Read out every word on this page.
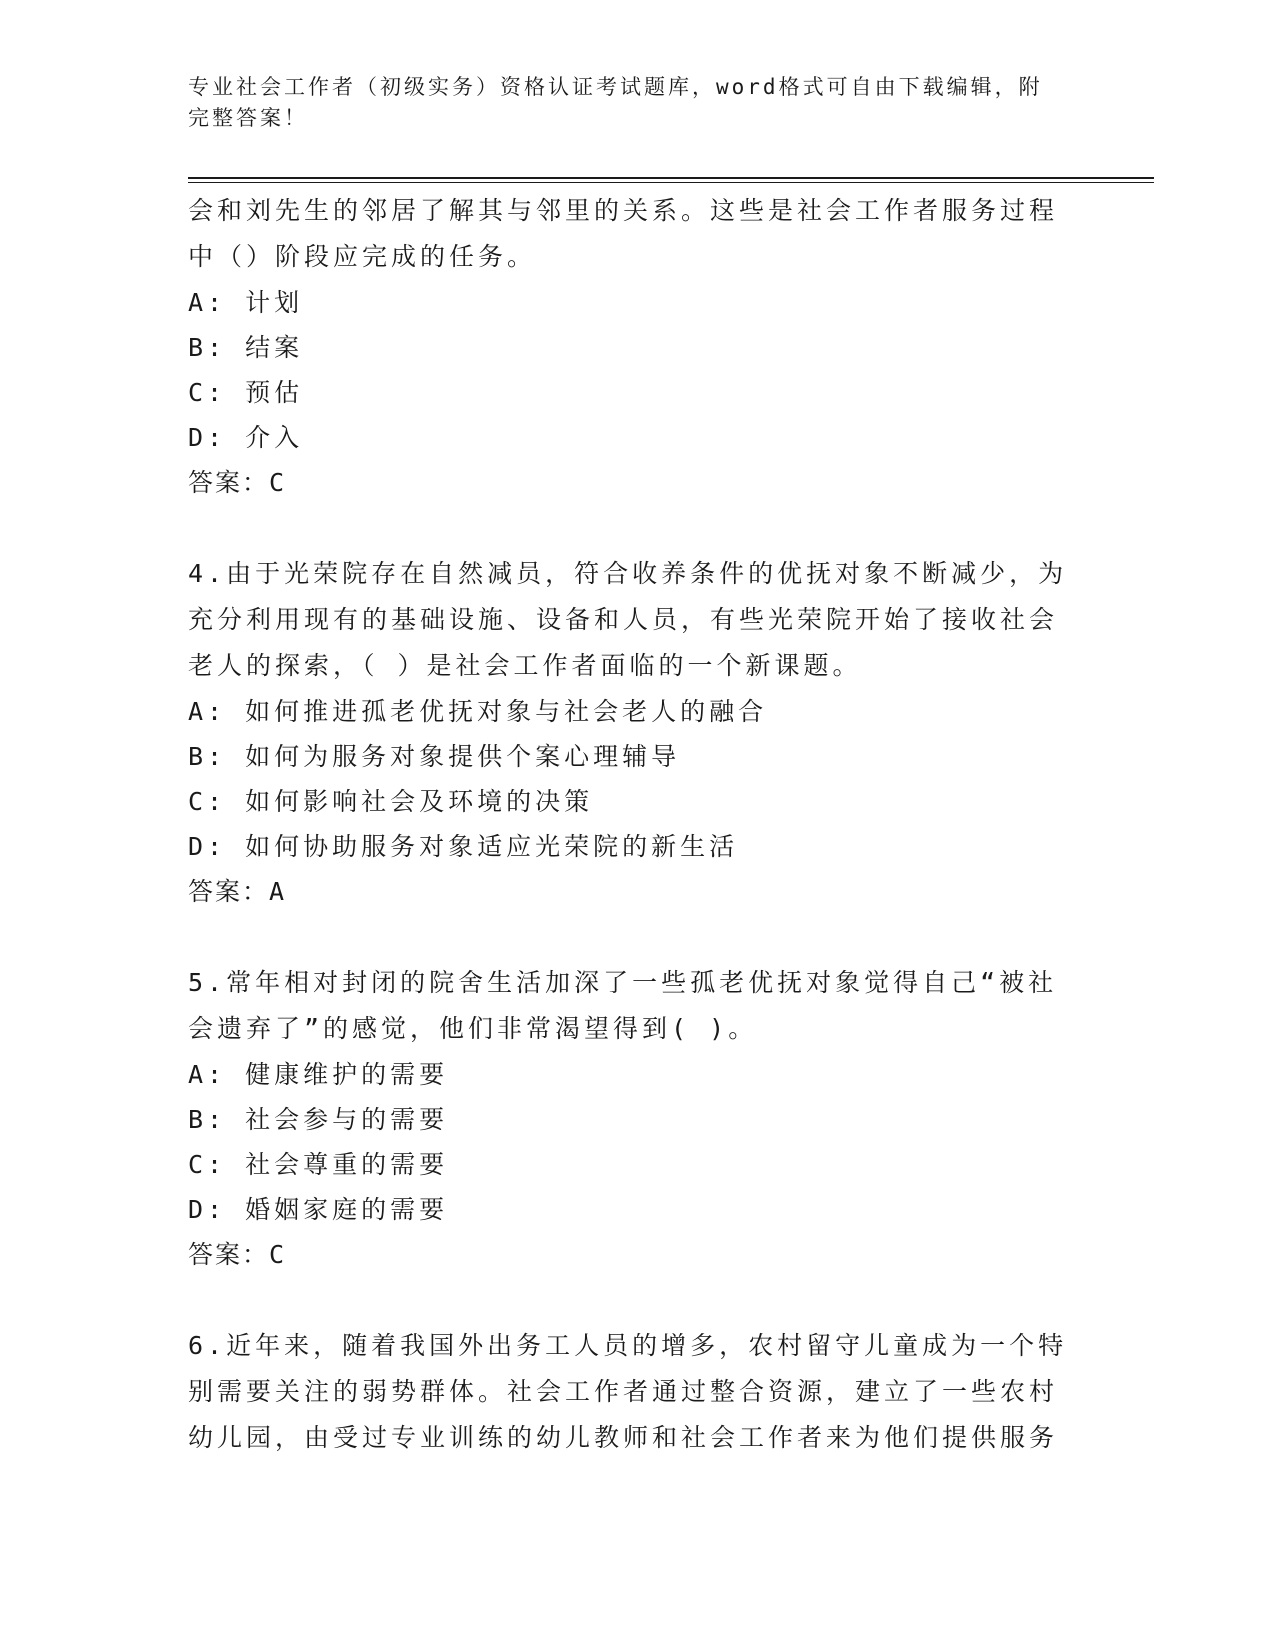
专业社会工作者（初级实务）资格认证考试题库，word格式可自由下载编辑，附
完整答案！

会和刘先生的邻居了解其与邻里的关系。这些是社会工作者服务过程

中（）阶段应完成的任务。

A: 计划

B: 结案

C: 预估

D: 介入

答案：C

4.由于光荣院存在自然减员，符合收养条件的优抚对象不断减少，为

充分利用现有的基础设施、设备和人员，有些光荣院开始了接收社会

老人的探索，（ ）是社会工作者面临的一个新课题。

A: 如何推进孤老优抚对象与社会老人的融合

B: 如何为服务对象提供个案心理辅导

C: 如何影响社会及环境的决策

D: 如何协助服务对象适应光荣院的新生活

答案：A

5.常年相对封闭的院舍生活加深了一些孤老优抚对象觉得自己“被社

会遗弃了”的感觉，他们非常渴望得到( )。

A: 健康维护的需要

B: 社会参与的需要

C: 社会尊重的需要

D: 婚姻家庭的需要

答案：C

6.近年来，随着我国外出务工人员的增多，农村留守儿童成为一个特

别需要关注的弱势群体。社会工作者通过整合资源，建立了一些农村

幼儿园，由受过专业训练的幼儿教师和社会工作者来为他们提供服务
